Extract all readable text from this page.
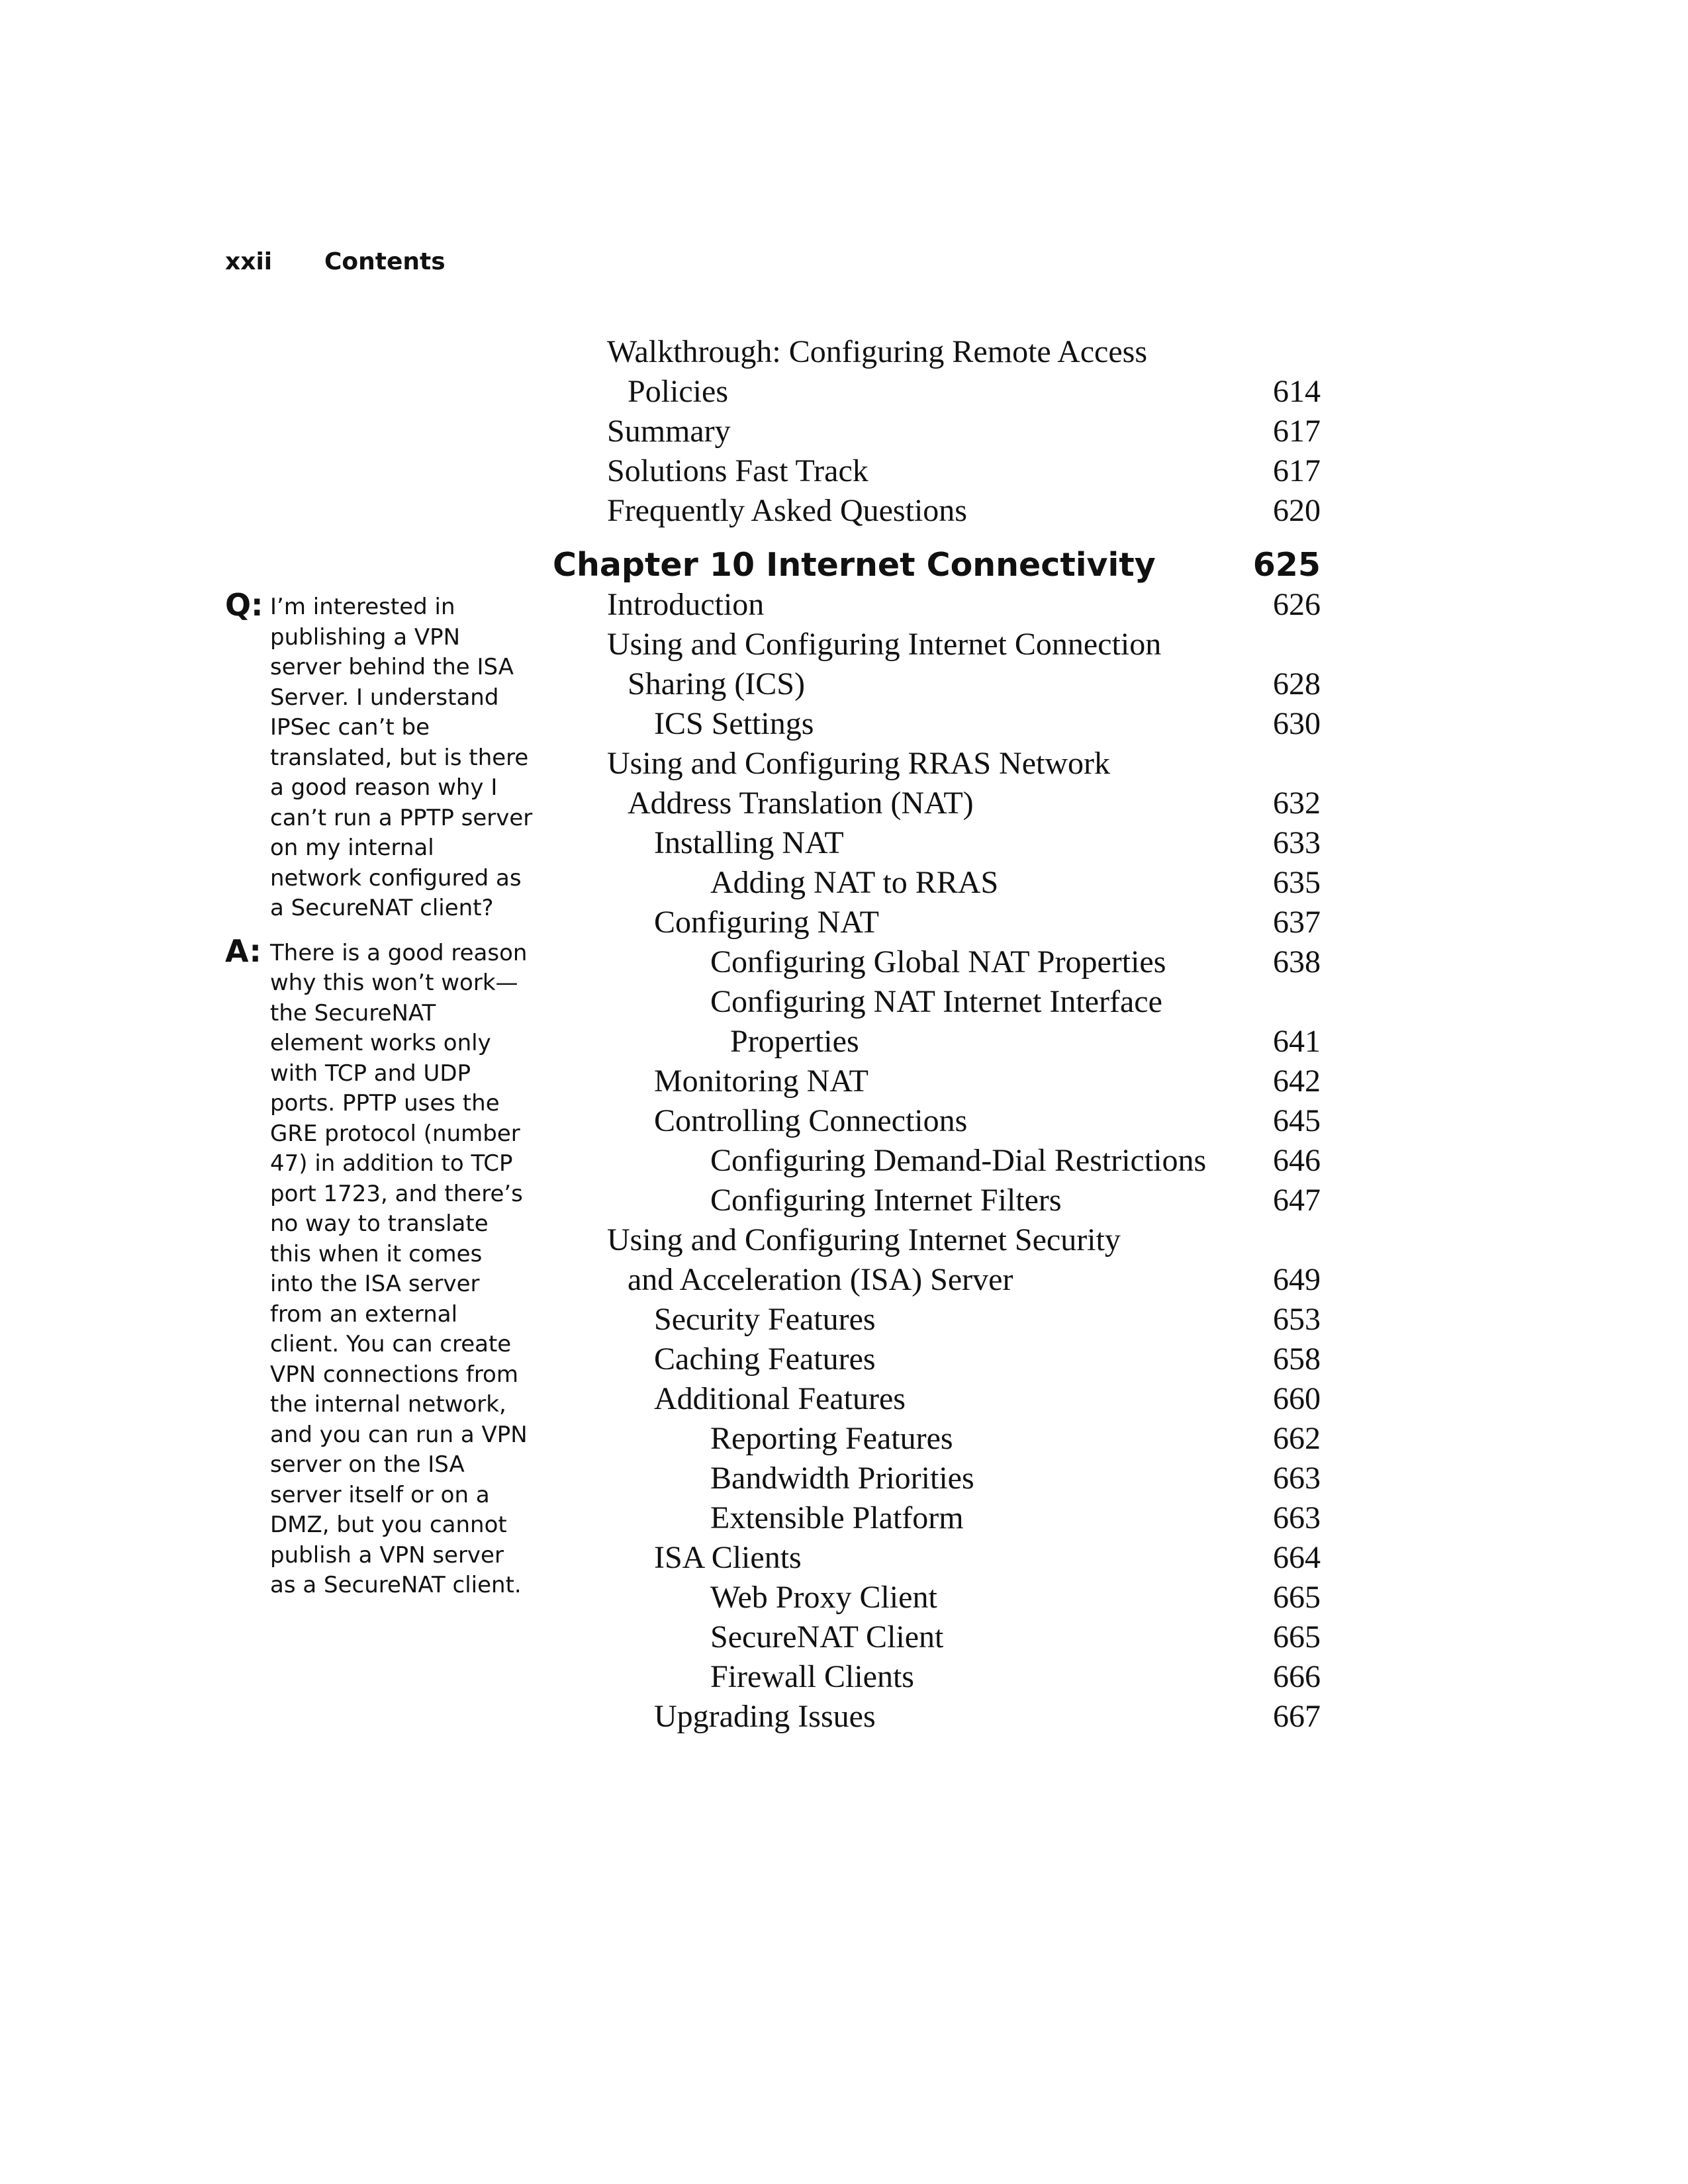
xxii Contents
Q: I’m interested in
publishing a VPN
server behind the ISA
Server. I understand
IPSec can’t be
translated, but is there
a good reason why I
can’t run a PPTP server
on my internal
network configured as
a SecureNAT client?
A: There is a good reason
why this won’t work—
the SecureNAT
element works only
with TCP and UDP
ports. PPTP uses the
GRE protocol (number
47) in addition to TCP
port 1723, and there’s
no way to translate
this when it comes
into the ISA server
from an external
client. You can create
VPN connections from
the internal network,
and you can run a VPN
server on the ISA
server itself or on a
DMZ, but you cannot
publish a VPN server
as a SecureNAT client.
Walkthrough: Configuring Remote Access
Policies	614
Summary	617
Solutions Fast Track	617
Frequently Asked Questions	620
Chapter 10 Internet Connectivity	625
Introduction	626
Using and Configuring Internet Connection
Sharing (ICS)	628
ICS Settings	630
Using and Configuring RRAS Network
Address Translation (NAT)	632
Installing NAT	633
Adding NAT to RRAS	635
Configuring NAT	637
Configuring Global NAT Properties	638
Configuring NAT Internet Interface
Properties	641
Monitoring NAT	642
Controlling Connections	645
Configuring Demand-Dial Restrictions 646
Configuring Internet Filters	647
Using and Configuring Internet Security
and Acceleration (ISA) Server	649
Security Features	653
Caching Features	658
Additional Features	660
Reporting Features	662
Bandwidth Priorities	663
Extensible Platform	663
ISA Clients	664
Web Proxy Client	665
SecureNAT Client	665
Firewall Clients	666
Upgrading Issues	667
